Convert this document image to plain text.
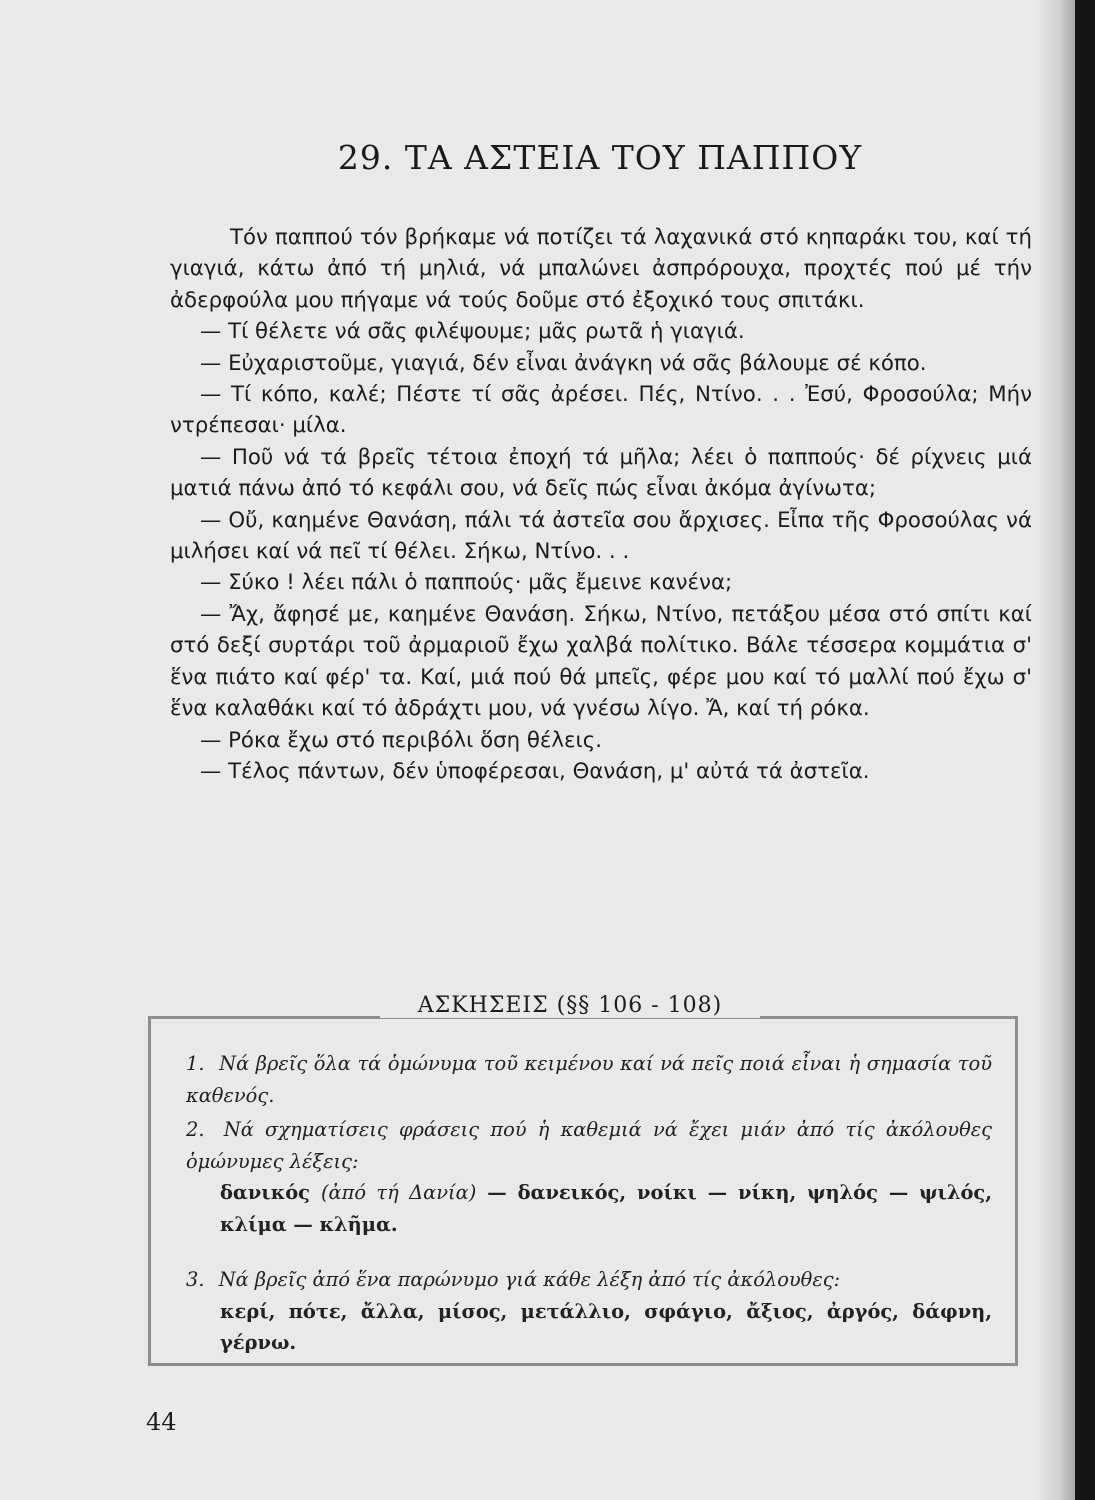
29. ΤΑ ΑΣΤΕΙΑ ΤΟΥ ΠΑΠΠΟΥ

Τόν παππού τόν βρήκαμε νά ποτίζει τά λαχανικά στό κηπαράκι του, καί τή γιαγιά, κάτω ἀπό τή μηλιά, νά μπαλώνει ἀσπρόρουχα, προχτές πού μέ τήν ἀδερφούλα μου πήγαμε νά τούς δοῦμε στό ἐξοχικό τους σπιτάκι.

— Τί θέλετε νά σᾶς φιλέψουμε; μᾶς ρωτᾶ ἡ γιαγιά.

— Εὐχαριστοῦμε, γιαγιά, δέν εἶναι ἀνάγκη νά σᾶς βάλουμε σέ κόπο.

— Τί κόπο, καλέ; Πέστε τί σᾶς ἀρέσει. Πές, Ντίνο. . . Ἐσύ, Φροσούλα; Μήν ντρέπεσαι· μίλα.

— Ποῦ νά τά βρεῖς τέτοια ἐποχή τά μῆλα; λέει ὁ παππούς· δέ ρίχνεις μιά ματιά πάνω ἀπό τό κεφάλι σου, νά δεῖς πώς εἶναι ἀκόμα ἀγίνωτα;

— Οὔ, καημένε Θανάση, πάλι τά ἀστεῖα σου ἄρχισες. Εἶπα τῆς Φροσούλας νά μιλήσει καί νά πεῖ τί θέλει. Σήκω, Ντίνο. . .

— Σύκο ! λέει πάλι ὁ παππούς· μᾶς ἔμεινε κανένα;

— Ἄχ, ἄφησέ με, καημένε Θανάση. Σήκω, Ντίνο, πετάξου μέσα στό σπίτι καί στό δεξί συρτάρι τοῦ ἀρμαριοῦ ἔχω χαλβά πολίτικο. Βάλε τέσσερα κομμάτια σ' ἕνα πιάτο καί φέρ' τα. Καί, μιά πού θά μπεῖς, φέρε μου καί τό μαλλί πού ἔχω σ' ἕνα καλαθάκι καί τό ἀδράχτι μου, νά γνέσω λίγο. Ἄ, καί τή ρόκα.

— Ρόκα ἔχω στό περιβόλι ὅση θέλεις.

— Τέλος πάντων, δέν ὑποφέρεσαι, Θανάση, μ' αὐτά τά ἀστεῖα.

ΑΣΚΗΣΕΙΣ (§§ 106 - 108)
1. Νά βρεῖς ὅλα τά ὁμώνυμα τοῦ κειμένου καί νά πεῖς ποιά εἶναι ἡ σημασία τοῦ καθενός.
2. Νά σχηματίσεις φράσεις πού ἡ καθεμιά νά ἔχει μιάν ἀπό τίς ἀκόλουθες ὁμώνυμες λέξεις:
δανικός (ἀπό τή Δανία) — δανεικός, νοίκι — νίκη, ψηλός — ψιλός, κλίμα — κλῆμα.
3. Νά βρεῖς ἀπό ἕνα παρώνυμο γιά κάθε λέξη ἀπό τίς ἀκόλουθες:
κερί, πότε, ἄλλα, μίσος, μετάλλιο, σφάγιο, ἄξιος, ἀργός, δάφνη, γέρνω.
44
